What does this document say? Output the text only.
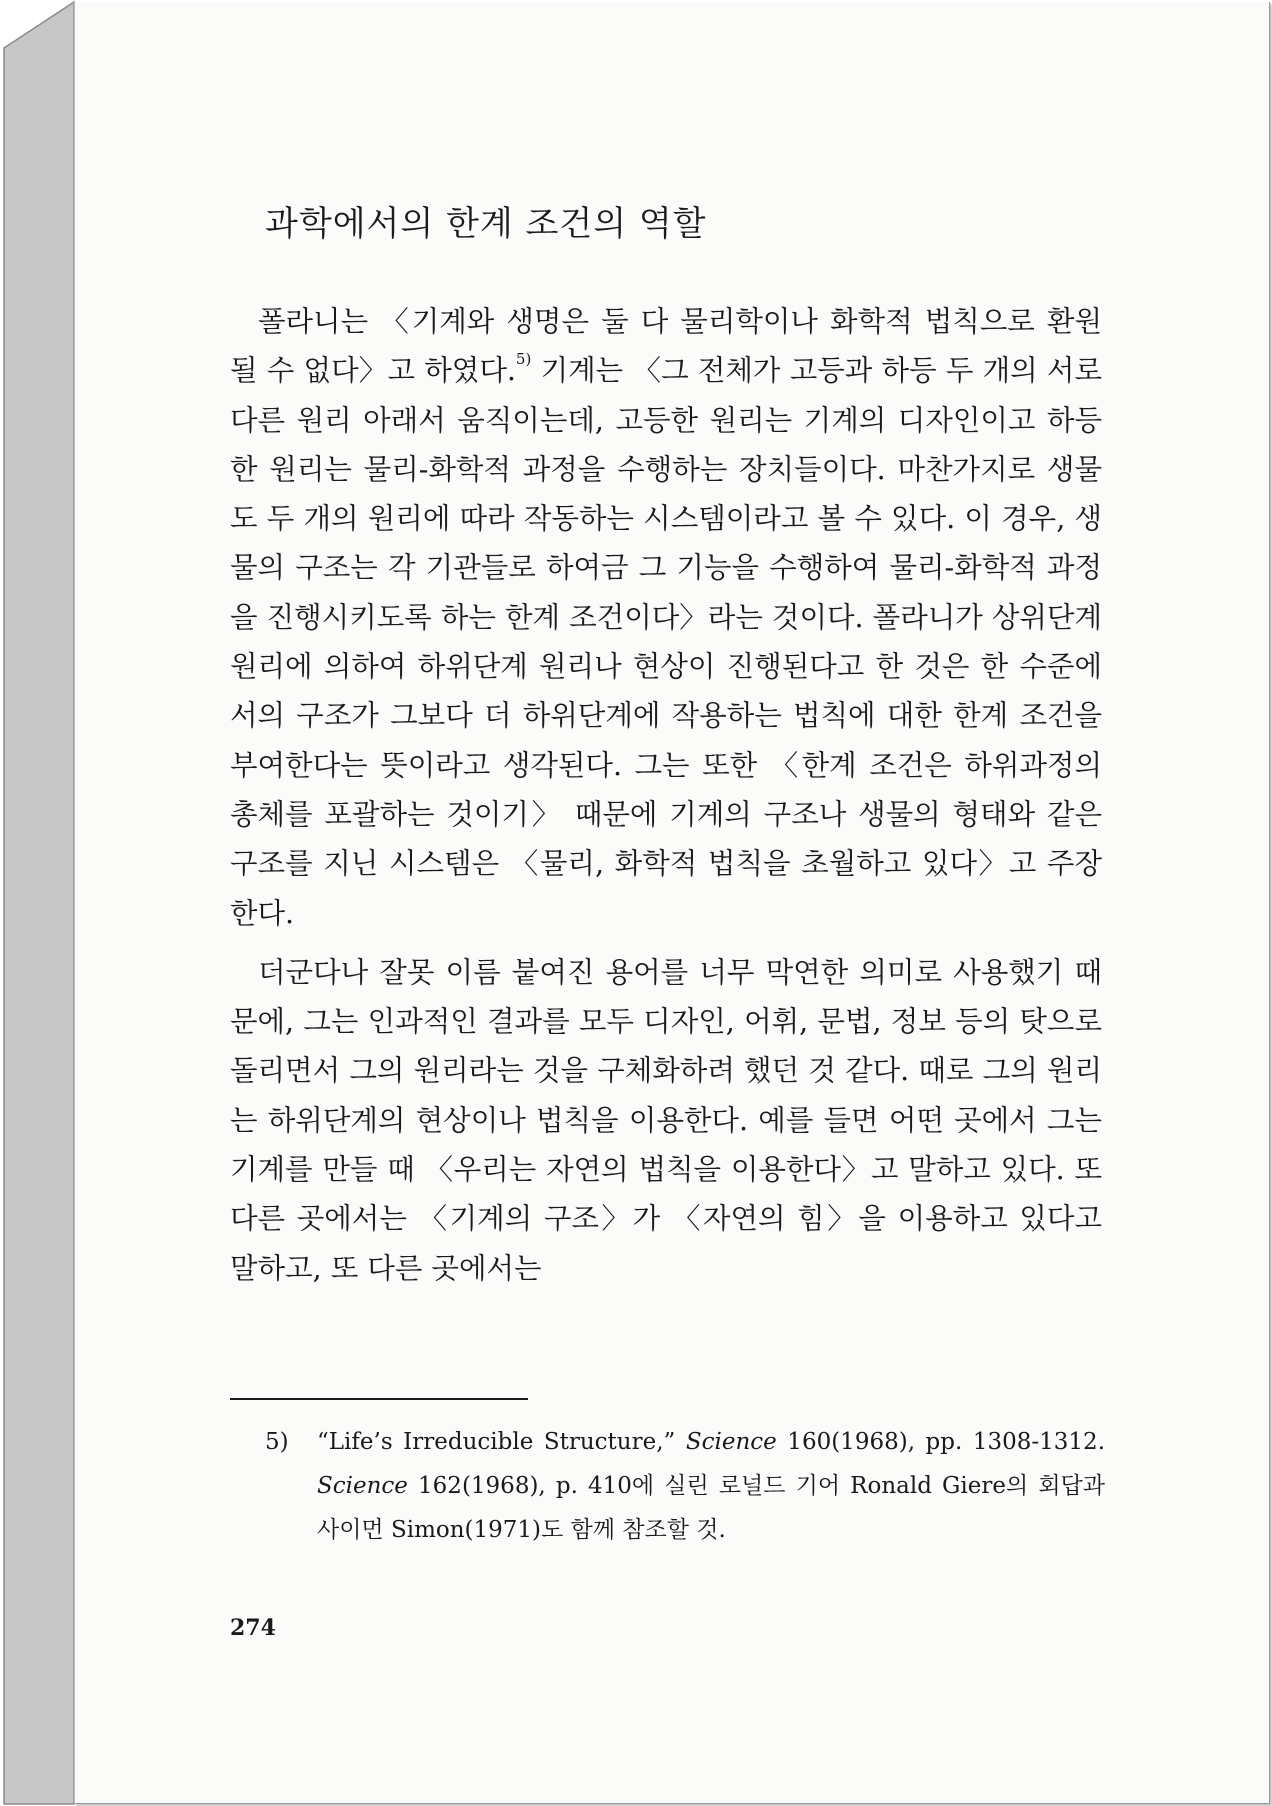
과학에서의 한계 조건의 역할

폴라니는 〈기계와 생명은 둘 다 물리학이나 화학적 법칙으로 환원될 수 없다〉고 하였다.$^{5)}$ 기계는 〈그 전체가 고등과 하등 두 개의 서로 다른 원리 아래서 움직이는데, 고등한 원리는 기계의 디자인이고 하등한 원리는 물리-화학적 과정을 수행하는 장치들이다. 마찬가지로 생물도 두 개의 원리에 따라 작동하는 시스템이라고 볼 수 있다. 이 경우, 생물의 구조는 각 기관들로 하여금 그 기능을 수행하여 물리-화학적 과정을 진행시키도록 하는 한계 조건이다〉라는 것이다. 폴라니가 상위단계 원리에 의하여 하위단계 원리나 현상이 진행된다고 한 것은 한 수준에서의 구조가 그보다 더 하위단계에 작용하는 법칙에 대한 한계 조건을 부여한다는 뜻이라고 생각된다. 그는 또한 〈한계 조건은 하위과정의 총체를 포괄하는 것이기〉 때문에 기계의 구조나 생물의 형태와 같은 구조를 지닌 시스템은 〈물리, 화학적 법칙을 초월하고 있다〉고 주장한다.

더군다나 잘못 이름 붙여진 용어를 너무 막연한 의미로 사용했기 때문에, 그는 인과적인 결과를 모두 디자인, 어휘, 문법, 정보 등의 탓으로 돌리면서 그의 원리라는 것을 구체화하려 했던 것 같다. 때로 그의 원리는 하위단계의 현상이나 법칙을 이용한다. 예를 들면 어떤 곳에서 그는 기계를 만들 때 〈우리는 자연의 법칙을 이용한다〉고 말하고 있다. 또 다른 곳에서는 〈기계의 구조〉가 〈자연의 힘〉을 이용하고 있다고 말하고, 또 다른 곳에서는

5) “Life’s Irreducible Structure,” Science 160(1968), pp. 1308-1312. Science 162(1968), p. 410에 실린 로널드 기어 Ronald Giere의 회답과 사이먼 Simon(1971)도 함께 참조할 것.
274
